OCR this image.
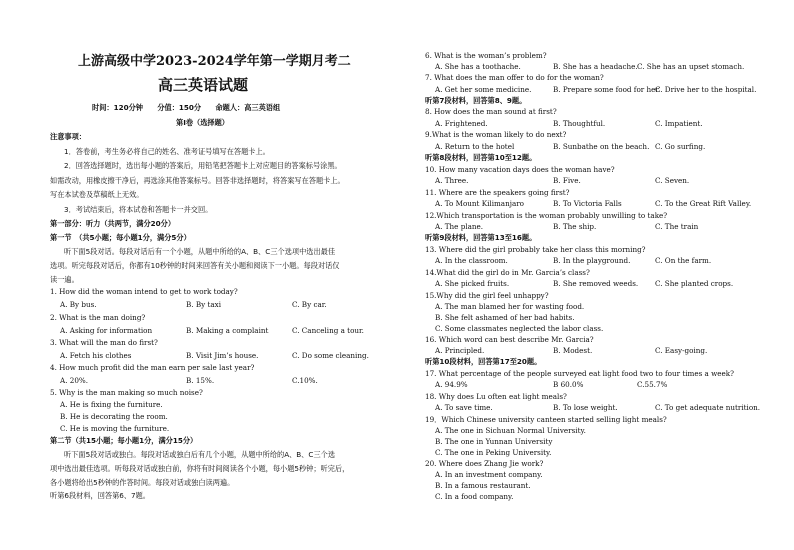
上游高级中学2023-2024学年第一学期月考二
高三英语试题
时间：120分钟　　分值：150分　　命题人：高三英语组
第I卷（选择题）
注意事项：
1．答卷前，考生务必将自己的姓名、准考证号填写在答题卡上。
2．回答选择题时，选出每小题的答案后，用铅笔把答题卡上对应题目的答案标号涂黑。
如需改动，用橡皮擦干净后，再选涂其他答案标号。回答非选择题时，将答案写在答题卡上。
写在本试卷及草稿纸上无效。
3．考试结束后，将本试卷和答题卡一并交回。
第一部分：听力（共两节，满分20分）
第一节　（共5小题；每小题1分，满分5分）
听下面5段对话。每段对话后有一个小题，从题中所给的A、B、C三个选项中选出最佳
选项。听完每段对话后，你都有10秒钟的时间来回答有关小题和阅读下一小题。每段对话仅
读一遍。
1. How did the woman intend to get to work today?
A. By bus.	B. By taxi	C. By car.
2. What is the man doing?
A. Asking for information	B. Making a complaint	C. Canceling a tour.
3. What will the man do first?
A. Fetch his clothes	B. Visit Jim’s house.	C. Do some cleaning.
4. How much profit did the man earn per sale last year?
A. 20%.	B. 15%.	C.10%.
5. Why is the man making so much noise?
A. He is fixing the furniture.
B. He is decorating the room.
C. He is moving the furniture.
第二节（共15小题；每小题1分，满分15分）
听下面5段对话或独白。每段对话或独白后有几个小题，从题中所给的A、B、C三个选
项中选出最佳选项。听每段对话或独白前，你将有时间阅读各个小题，每小题5秒钟；听完后，
各小题将给出5秒钟的作答时间。每段对话或独白读两遍。
听第6段材料，回答第6、7题。
6. What is the woman’s problem?
A. She has a toothache.	B. She has a headache. C. She has an upset stomach.
7. What does the man offer to do for the woman?
A. Get her some medicine.	B. Prepare some food for her.
C. Drive her to the hospital.
听第7段材料，回答第8、9题。
8. How does the man sound at first?
A. Frightened.	B. Thoughtful.	C. Impatient.
9.What is the woman likely to do next?
A. Return to the hotel	B. Sunbathe on the beach. C. Go surfing.
听第8段材料，回答第10至12题。
10. How many vacation days does the woman have?
A. Three.	B. Five.	C. Seven.
11. Where are the speakers going first?
A. To Mount Kilimanjaro	B. To Victoria Falls	C. To the Great Rift Valley.
12.Which transportation is the woman probably unwilling to take?
A. The plane.	B. The ship.	C. The train
听第9段材料，回答第13至16题。
13. Where did the girl probably take her class this morning?
A. In the classroom.	B. In the playground.	C. On the farm.
14.What did the girl do in Mr. Garcia’s class?
A. She picked fruits.	B. She removed weeds. C. She planted crops.
15.Why did the girl feel unhappy?
A. The man blamed her for wasting food.
B. She felt ashamed of her bad habits.
C. Some classmates neglected the labor class.
16. Which word can best describe Mr. Garcia?
A. Principled.	B. Modest.	C. Easy-going.
听第10段材料，回答第17至20题。
17. What percentage of the people surveyed eat light food two to four times a week?
A. 94.9%	B 60.0%	C.55.7%
18. Why does Lu often eat light meals?
A. To save time.	B. To lose weight.	C. To get adequate nutrition.
19．Which Chinese university canteen started selling light meals?
A. The one in Sichuan Normal University.
B. The one in Yunnan University
C. The one in Peking University.
20. Where does Zhang Jie work?
A. In an investment company.
B. In a famous restaurant.
C. In a food company.
